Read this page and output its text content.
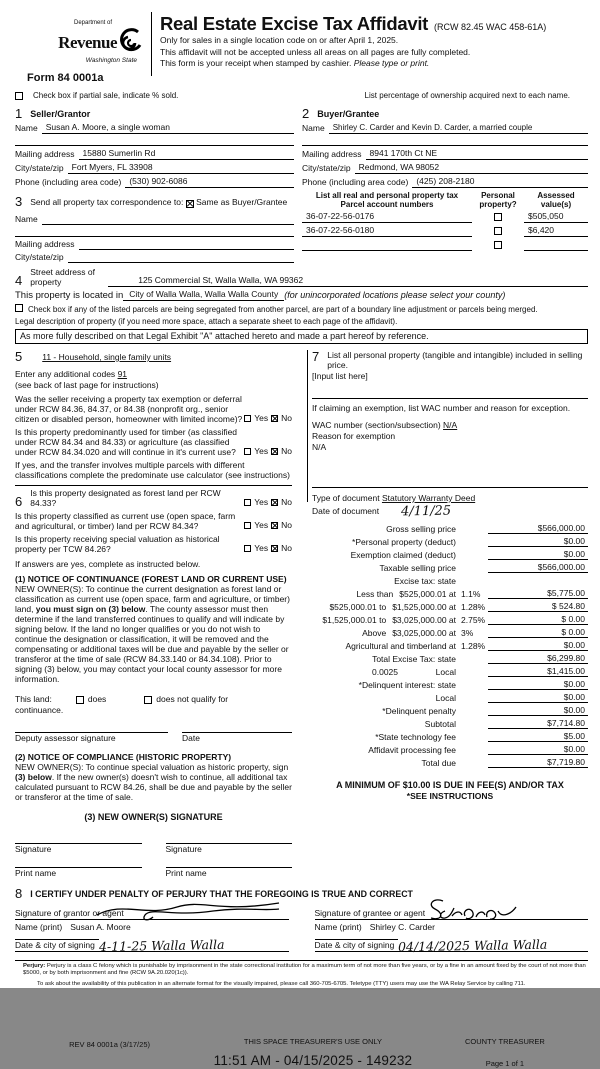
Department of
Revenue
Washington State
Form 84 0001a
Real Estate Excise Tax Affidavit (RCW 82.45 WAC 458-61A)
Only for sales in a single location code on or after April 1, 2025.
This affidavit will not be accepted unless all areas on all pages are fully completed.
This form is your receipt when stamped by cashier. Please type or print.
Check box if partial sale, indicate % sold.	List percentage of ownership acquired next to each name.
1 Seller/Grantor
Name Susan A. Moore, a single woman
Mailing address 15880 Sumerlin Rd
City/state/zip Fort Myers, FL 33908
Phone (including area code) (530) 902-6086
3 Send all property tax correspondence to:

Same as Buyer/Grantee
Name
Mailing address
City/state/zip
2 Buyer/Grantee
Name	Shirley C. Carder and Kevin D. Carder, a married couple
Mailing address 8941 170th Ct NE
City/state/zip Redmond, WA 98052
Phone (including area code) (425) 208-2180
List all real and personal property tax
Parcel account numbers
Personal
property?
Assessed
value(s)
36-07-22-56-0176	$505,050
36-07-22-56-0180	$6,420
4
Street address of
property	125 Commercial St, Walla Walla, WA 99362
This property is located in City of Walla Walla, Walla Walla County (for unincorporated locations please select your county)
Check box if any of the listed parcels are being segregated from another parcel, are part of a boundary line adjustment or parcels being merged.
Legal description of property (if you need more space, attach a separate sheet to each page of the affidavit).
As more fully described on that Legal Exhibit "A" attached hereto and made a part hereof by reference.
5	11 - Household, single family units
Enter any additional codes 91
(see back of last page for instructions)
Was the seller receiving a property tax exemption or deferral under RCW 84.36, 84.37, or 84.38 (nonprofit org., senior citizen or disabled person, homeowner with limited income)? Yes No
Is this property predominantly used for timber (as classified under RCW 84.34 and 84.33) or agriculture (as classified under RCW 84.34.020 and will continue in it's current use?	Yes No
If yes, and the transfer involves multiple parcels with different classifications complete the predominate use calculator (see instructions)
6
Is this property designated as forest land per RCW 84.33?	Yes No
Is this property classified as current use (open space, farm and agricultural, or timber) land per RCW 84.34?	Yes No
Is this property receiving special valuation as historical property per TCW 84.26?	Yes No
If answers are yes, complete as instructed below.
(1) NOTICE OF CONTINUANCE (FOREST LAND OR CURRENT USE)
NEW OWNER(S): To continue the current designation as forest land or classification as current use (open space, farm and agriculture, or timber) land, you must sign on (3) below. The county assessor must then determine if the land transferred continues to qualify and will indicate by signing below. If the land no longer qualifies or you do not wish to continue the designation or classification, it will be removed and the compensating or additional taxes will be due and payable by the seller or transferor at the time of sale (RCW 84.33.140 or 84.34.108). Prior to signing (3) below, you may contact your local county assessor for more information.
This land:	does	does not qualify for
continuance.
Deputy assessor signature	Date
(2) NOTICE OF COMPLIANCE (HISTORIC PROPERTY)
NEW OWNER(S): To continue special valuation as historic property, sign (3) below. If the new owner(s) doesn't wish to continue, all additional tax calculated pursuant to RCW 84.26, shall be due and payable by the seller or transferor at the time of sale.
(3) NEW OWNER(S) SIGNATURE
Signature	Signature
Print name	Print name
7 List all personal property (tangible and intangible) included in selling price.
[Input list here]
If claiming an exemption, list WAC number and reason for exception.
WAC number (section/subsection) N/A
Reason for exemption
N/A
Type of document Statutory Warranty Deed
Date of document 4/11/25
Gross selling price	$566,000.00
*Personal property (deduct)	$0.00
Exemption claimed (deduct)	$0.00
Taxable selling price	$566,000.00
Excise tax: state
Less than $525,000.01 at 1.1%	$5,775.00
$525,000.01 to $1,525,000.00 at 1.28%	$ 524.80
$1,525,000.01 to $3,025,000.00 at 2.75%	$ 0.00
Above $3,025,000.00 at 3%	$ 0.00
Agricultural and timberland at 1.28%	$0.00
Total Excise Tax: state	$6,299.80
0.0025	Local	$1,415.00
*Delinquent interest: state	$0.00
Local	$0.00
*Delinquent penalty	$0.00
Subtotal	$7,714.80
*State technology fee	$5.00
Affidavit processing fee	$0.00
Total due	$7,719.80
A MINIMUM OF $10.00 IS DUE IN FEE(S) AND/OR TAX
*SEE INSTRUCTIONS
8 I CERTIFY UNDER PENALTY OF PERJURY THAT THE FOREGOING IS TRUE AND CORRECT
Signature of grantor or agent
Name (print) Susan A. Moore
Date & city of signing 4-11-25 Walla Walla
Signature of grantee or agent
Name (print) Shirley C. Carder
Date & city of signing 04/14/2025 Walla Walla
Perjury: Perjury is a class C felony which is punishable by imprisonment in the state correctional institution for a maximum term of not more than five years, or by a fine in an amount fixed by the court of not more than $5000, or by both imprisonment and fine (RCW 9A.20.020(1c)).
To ask about the availability of this publication in an alternate format for the visually impaired, please call 360-705-6705. Teletype (TTY) users may use the WA Relay Service by calling 711.
REV 84 0001a (3/17/25)	THIS SPACE TREASURER'S USE ONLY
11:51 AM - 04/15/2025 - 149232
COUNTY TREASURER
Page 1 of 1
